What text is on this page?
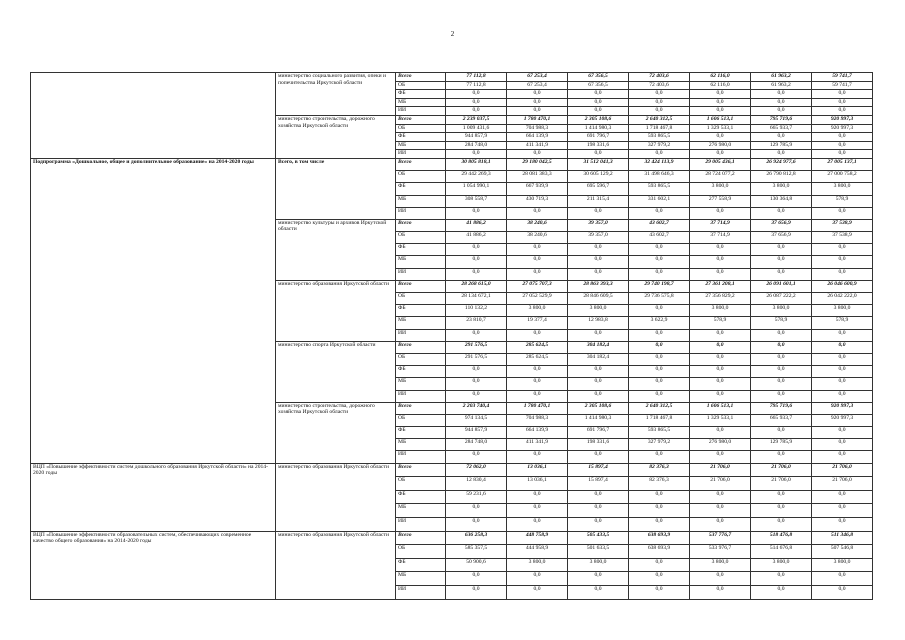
2
	министерство социального развития, опеки и попечительства Иркутской области	Всего	77 112,8	67 253,4	67 356,5	72 403,6	62 116,0	61 963,2	59 741,7
		ОБ	77 112,8	67 253,4	67 356,5	72 403,6	62 116,0	61 963,2	59 741,7
		ФБ	0,0	0,0	0,0	0,0	0,0	0,0	0,0
		МБ	0,0	0,0	0,0	0,0	0,0	0,0	0,0
		ИИ	0,0	0,0	0,0	0,0	0,0	0,0	0,0
	министерство строительства, дорожного хозяйства Иркутской области	Всего	2 239 037,5	1 780 470,1	2 305 108,6	2 640 312,5	1 606 513,1	795 719,6	920 997,3
		ОБ	1 009 431,6	704 988,3	1 414 980,3	1 718 467,8	1 329 533,1	665 933,7	920 997,3
		ФБ	944 857,9	664 139,9	691 796,7	593 865,5	0,0	0,0	0,0
		МБ	284 748,0	411 341,9	198 331,6	327 979,2	276 980,0	129 785,9	0,0
		ИИ	0,0	0,0	0,0	0,0	0,0	0,0	0,0
Подпрограмма «Дошкольное, общее и дополнительное образование» на 2014-2020 годы	Всего, в том числе	Всего	30 805 818,1	29 180 042,5	31 512 041,3	32 424 113,9	29 005 436,1	26 924 977,6	27 005 137,1
		ОБ	29 442 269,3	28 081 383,3	30 605 129,2	31 498 646,3	28 724 077,2	26 790 812,8	27 000 758,2
		ФБ	1 054 990,1	667 939,9	695 596,7	593 865,5	3 800,0	3 800,0	3 800,0
		МБ	308 558,7	430 719,3	211 315,4	331 602,1	277 558,9	130 364,8	578,9
		ИИ	0,0	0,0	0,0	0,0	0,0	0,0	0,0
	министерство культуры и архивов Иркутской области	Всего	41 886,2	38 240,6	39 357,0	43 602,7	37 714,9	37 656,9	37 538,9
		ОБ	41 886,2	38 240,6	39 357,0	43 602,7	37 714,9	37 656,9	37 538,9
		ФБ	0,0	0,0	0,0	0,0	0,0	0,0	0,0
		МБ	0,0	0,0	0,0	0,0	0,0	0,0	0,0
		ИИ	0,0	0,0	0,0	0,0	0,0	0,0	0,0
	министерство образования Иркутской области	Всего	28 268 615,0	27 075 707,3	28 863 393,3	29 740 198,7	27 361 208,1	26 091 601,1	26 046 600,9
		ОБ	28 134 672,1	27 052 529,9	28 846 609,5	29 736 575,8	27 356 829,2	26 087 222,2	26 042 222,0
		ФБ	110 132,2	3 800,0	3 800,0	0,0	3 800,0	3 800,0	3 800,0
		МБ	23 810,7	19 377,4	12 983,8	3 622,9	578,9	578,9	578,9
		ИИ	0,0	0,0	0,0	0,0	0,0	0,0	0,0
	министерство спорта Иркутской области	Всего	291 576,5	285 624,5	304 182,4	0,0	0,0	0,0	0,0
		ОБ	291 576,5	285 624,5	304 182,4	0,0	0,0	0,0	0,0
		ФБ	0,0	0,0	0,0	0,0	0,0	0,0	0,0
		МБ	0,0	0,0	0,0	0,0	0,0	0,0	0,0
		ИИ	0,0	0,0	0,0	0,0	0,0	0,0	0,0
	министерство строительства, дорожного хозяйства Иркутской области	Всего	2 203 740,4	1 780 470,1	2 305 108,6	2 640 312,5	1 606 513,1	795 719,6	920 997,3
		ОБ	974 134,5	704 988,3	1 414 980,3	1 718 467,8	1 329 533,1	665 933,7	920 997,3
		ФБ	944 857,9	664 139,9	691 796,7	593 865,5	0,0	0,0	0,0
		МБ	284 748,0	411 341,9	198 331,6	327 979,2	276 980,0	129 785,9	0,0
		ИИ	0,0	0,0	0,0	0,0	0,0	0,0	0,0
ВЦП «Повышение эффективности систем дошкольного образования Иркутской области» на 2014-2020 годы	министерство образования Иркутской области	Всего	72 062,0	13 036,1	15 897,4	82 376,3	21 706,0	21 706,0	21 706,0
		ОБ	12 830,4	13 036,1	15 897,4	82 376,3	21 706,0	21 706,0	21 706,0
		ФБ	59 231,6	0,0	0,0	0,0	0,0	0,0	0,0
		МБ	0,0	0,0	0,0	0,0	0,0	0,0	0,0
		ИИ	0,0	0,0	0,0	0,0	0,0	0,0	0,0
ВЦП «Повышение эффективности образовательных систем, обеспечивающих современное качество общего образования» на 2014-2020 годы	министерство образования Иркутской области	Всего	636 258,3	448 758,9	505 433,5	638 693,9	537 776,7	518 476,8	511 346,8
		ОБ	585 357,5	444 958,9	501 633,5	638 693,9	533 976,7	514 676,8	507 546,8
		ФБ	50 900,6	3 800,0	3 800,0	0,0	3 800,0	3 800,0	3 800,0
		МБ	0,0	0,0	0,0	0,0	0,0	0,0	0,0
		ИИ	0,0	0,0	0,0	0,0	0,0	0,0	0,0
